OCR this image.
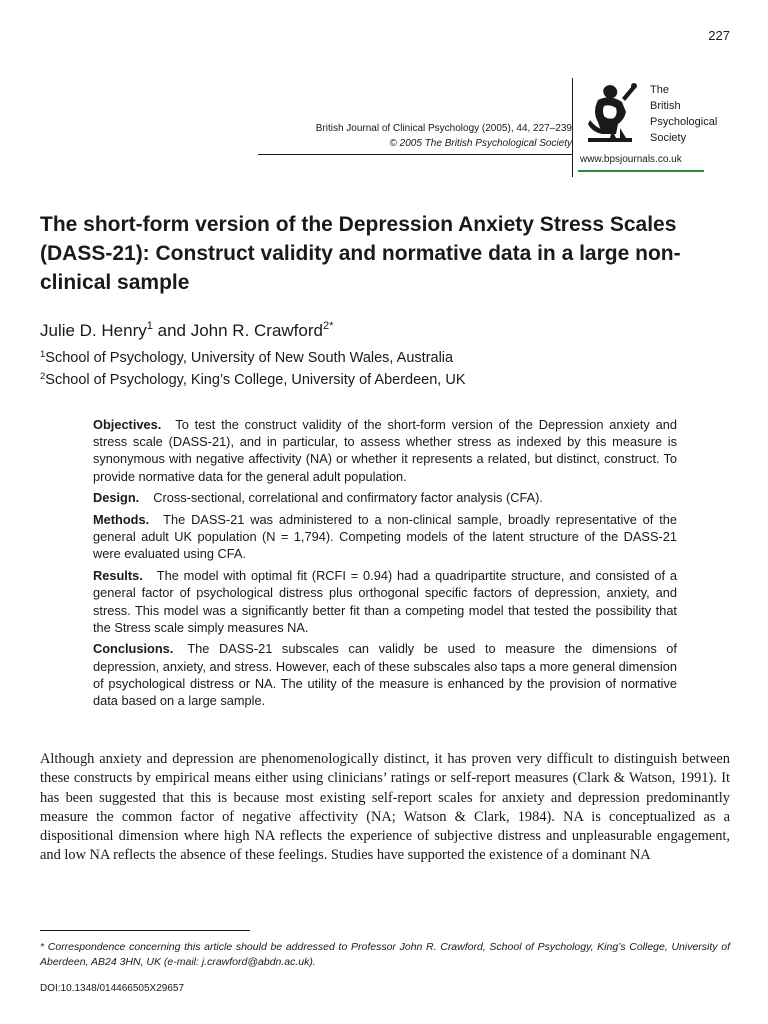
227
British Journal of Clinical Psychology (2005), 44, 227–239
© 2005 The British Psychological Society
The
British
Psychological
Society
www.bpsjournals.co.uk
The short-form version of the Depression Anxiety Stress Scales (DASS-21): Construct validity and normative data in a large non-clinical sample
Julie D. Henry$^1$ and John R. Crawford$^{2*}$
$^1$School of Psychology, University of New South Wales, Australia
$^2$School of Psychology, King’s College, University of Aberdeen, UK

Objectives. To test the construct validity of the short-form version of the Depression anxiety and stress scale (DASS-21), and in particular, to assess whether stress as indexed by this measure is synonymous with negative affectivity (NA) or whether it represents a related, but distinct, construct. To provide normative data for the general adult population.

Design. Cross-sectional, correlational and confirmatory factor analysis (CFA).

Methods. The DASS-21 was administered to a non-clinical sample, broadly representative of the general adult UK population (N = 1,794). Competing models of the latent structure of the DASS-21 were evaluated using CFA.

Results. The model with optimal fit (RCFI = 0.94) had a quadripartite structure, and consisted of a general factor of psychological distress plus orthogonal specific factors of depression, anxiety, and stress. This model was a significantly better fit than a competing model that tested the possibility that the Stress scale simply measures NA.

Conclusions. The DASS-21 subscales can validly be used to measure the dimensions of depression, anxiety, and stress. However, each of these subscales also taps a more general dimension of psychological distress or NA. The utility of the measure is enhanced by the provision of normative data based on a large sample.

Although anxiety and depression are phenomenologically distinct, it has proven very difficult to distinguish between these constructs by empirical means either using clinicians’ ratings or self-report measures (Clark & Watson, 1991). It has been suggested that this is because most existing self-report scales for anxiety and depression predominantly measure the common factor of negative affectivity (NA; Watson & Clark, 1984). NA is conceptualized as a dispositional dimension where high NA reflects the experience of subjective distress and unpleasurable engagement, and low NA reflects the absence of these feelings. Studies have supported the existence of a dominant NA

* Correspondence concerning this article should be addressed to Professor John R. Crawford, School of Psychology, King’s College, University of Aberdeen, AB24 3HN, UK (e-mail: j.crawford@abdn.ac.uk).

DOI:10.1348/014466505X29657
